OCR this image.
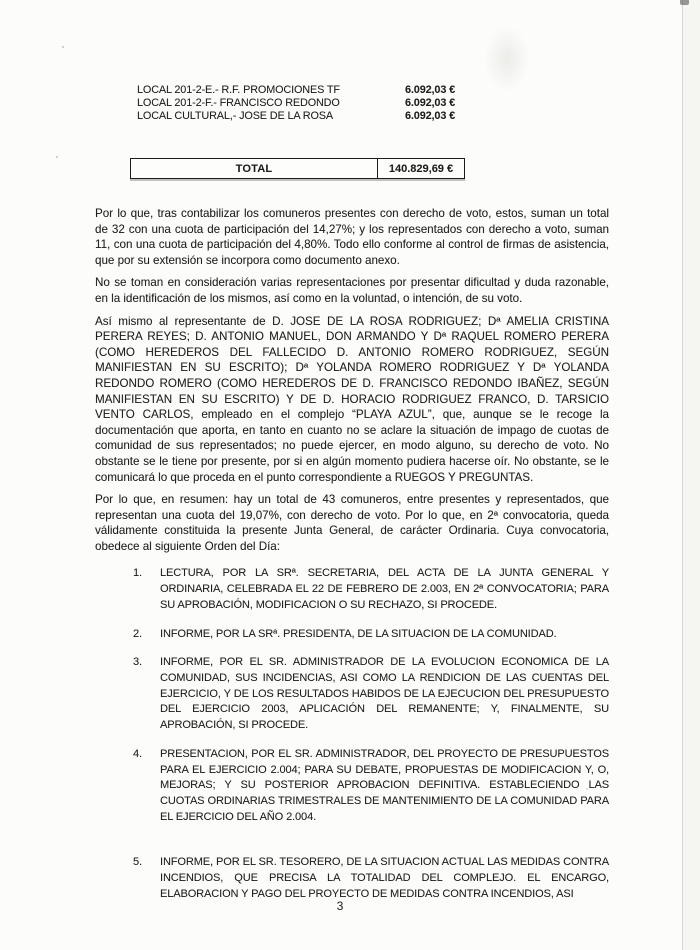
LOCAL 201-2-E.- R.F. PROMOCIONES TF	6.092,03 €
LOCAL 201-2-F.- FRANCISCO REDONDO	6.092,03 €
LOCAL CULTURAL,- JOSE DE LA ROSA	6.092,03 €
TOTAL	140.829,69 €

Por lo que, tras contabilizar los comuneros presentes con derecho de voto, estos, suman un total de 32 con una cuota de participación del 14,27%; y los representados con derecho a voto, suman 11, con una cuota de participación del 4,80%. Todo ello conforme al control de firmas de asistencia, que por su extensión se incorpora como documento anexo.

No se toman en consideración varias representaciones por presentar dificultad y duda razonable, en la identificación de los mismos, así como en la voluntad, o intención, de su voto.

Así mismo al representante de D. JOSE DE LA ROSA RODRIGUEZ; Dª AMELIA CRISTINA PERERA REYES; D. ANTONIO MANUEL, DON ARMANDO Y Dª RAQUEL ROMERO PERERA (COMO HEREDEROS DEL FALLECIDO D. ANTONIO ROMERO RODRIGUEZ, SEGÚN MANIFIESTAN EN SU ESCRITO); Dª YOLANDA ROMERO RODRIGUEZ Y Dª YOLANDA REDONDO ROMERO (COMO HEREDEROS DE D. FRANCISCO REDONDO IBAÑEZ, SEGÚN MANIFIESTAN EN SU ESCRITO) Y DE D. HORACIO RODRIGUEZ FRANCO, D. TARSICIO VENTO CARLOS, empleado en el complejo “PLAYA AZUL”, que, aunque se le recoge la documentación que aporta, en tanto en cuanto no se aclare la situación de impago de cuotas de comunidad de sus representados; no puede ejercer, en modo alguno, su derecho de voto. No obstante se le tiene por presente, por si en algún momento pudiera hacerse oír. No obstante, se le comunicará lo que proceda en el punto correspondiente a RUEGOS Y PREGUNTAS.

Por lo que, en resumen: hay un total de 43 comuneros, entre presentes y representados, que representan una cuota del 19,07%, con derecho de voto. Por lo que, en 2ª convocatoria, queda válidamente constituida la presente Junta General, de carácter Ordinaria. Cuya convocatoria, obedece al siguiente Orden del Día:

1.	LECTURA, POR LA SRª. SECRETARIA, DEL ACTA DE LA JUNTA GENERAL Y ORDINARIA, CELEBRADA EL 22 DE FEBRERO DE 2.003, EN 2ª CONVOCATORIA; PARA SU APROBACIÓN, MODIFICACION O SU RECHAZO, SI PROCEDE.
2.	INFORME, POR LA SRª. PRESIDENTA, DE LA SITUACION DE LA COMUNIDAD.
3.	INFORME, POR EL SR. ADMINISTRADOR DE LA EVOLUCION ECONOMICA DE LA COMUNIDAD, SUS INCIDENCIAS, ASI COMO LA RENDICION DE LAS CUENTAS DEL EJERCICIO, Y DE LOS RESULTADOS HABIDOS DE LA EJECUCION DEL PRESUPUESTO DEL EJERCICIO 2003, APLICACIÓN DEL REMANENTE; Y, FINALMENTE, SU APROBACIÓN, SI PROCEDE.
4.	PRESENTACION, POR EL SR. ADMINISTRADOR, DEL PROYECTO DE PRESUPUESTOS PARA EL EJERCICIO 2.004; PARA SU DEBATE, PROPUESTAS DE MODIFICACION Y, O, MEJORAS; Y SU POSTERIOR APROBACION DEFINITIVA. ESTABLECIENDO LAS CUOTAS ORDINARIAS TRIMESTRALES DE MANTENIMIENTO DE LA COMUNIDAD PARA EL EJERCICIO DEL AÑO 2.004.
5.	INFORME, POR EL SR. TESORERO, DE LA SITUACION ACTUAL LAS MEDIDAS CONTRA INCENDIOS, QUE PRECISA LA TOTALIDAD DEL COMPLEJO. EL ENCARGO, ELABORACION Y PAGO DEL PROYECTO DE MEDIDAS CONTRA INCENDIOS, ASI
3
